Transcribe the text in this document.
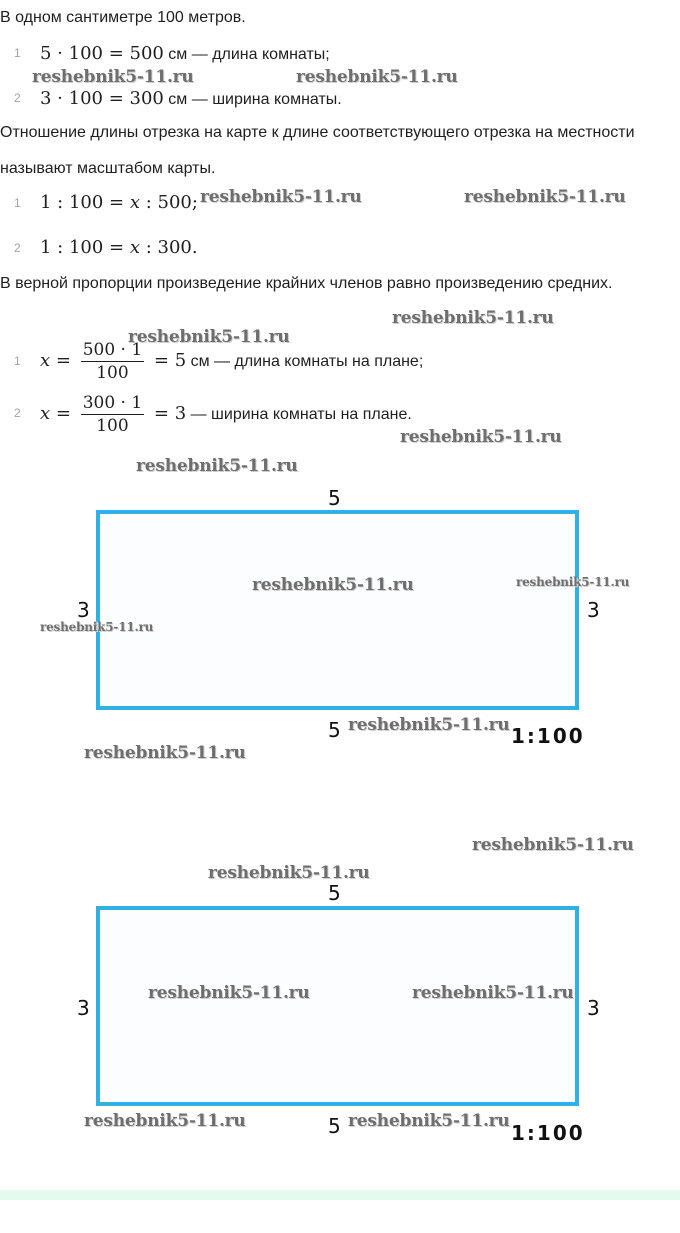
В одном сантиметре 100 метров.

1 5 · 100 = 500 см — длина комнаты;
2 3 · 100 = 300 см — ширина комнаты.

Отношение длины отрезка на карте к длине соответствующего отрезка на местности называют масштабом карты.

1 1 : 100 = x : 500;
2 1 : 100 = x : 300.

В верной пропорции произведение крайних членов равно произведению средних.

1 $x = \frac{500 \cdot 1}{100} = 5$ см — длина комнаты на плане;
2 $x = \frac{300 \cdot 1}{100} = 3$ — ширина комнаты на плане.
5
3	3
5	1:100
5
3	3
5	1:100
reshebnik5-11.ru	reshebnik5-11.ru
reshebnik5-11.ru	reshebnik5-11.ru
reshebnik5-11.ru
reshebnik5-11.ru
reshebnik5-11.ru
reshebnik5-11.ru
reshebnik5-11.ru	reshebnik5-11.ru
reshebnik5-11.ru
reshebnik5-11.ru
reshebnik5-11.ru
reshebnik5-11.ru
reshebnik5-11.ru
reshebnik5-11.ru	reshebnik5-11.ru
reshebnik5-11.ru	reshebnik5-11.ru
